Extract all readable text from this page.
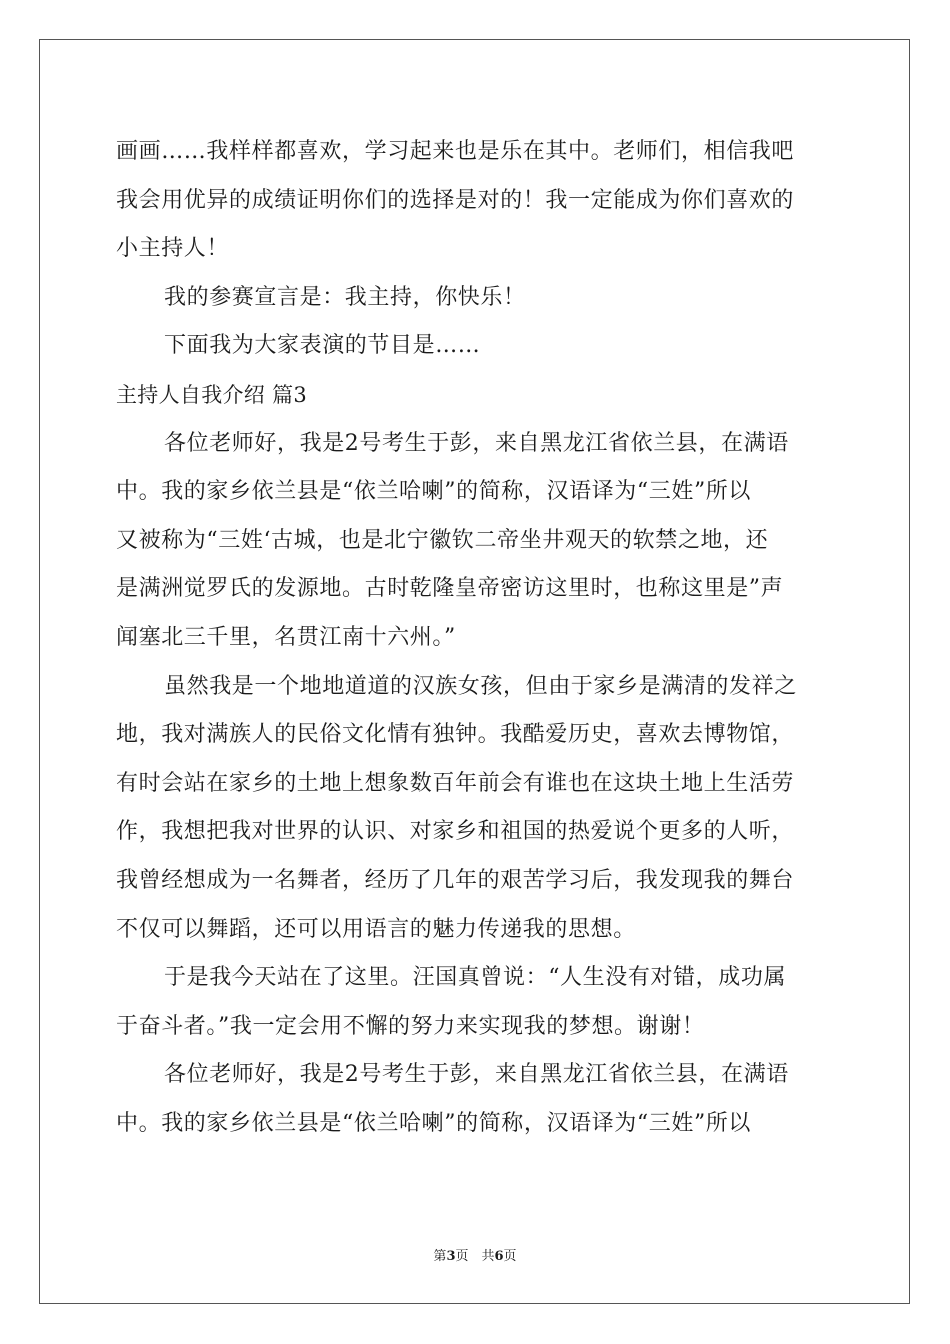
画画……我样样都喜欢，学习起来也是乐在其中。老师们，相信我吧
我会用优异的成绩证明你们的选择是对的！我一定能成为你们喜欢的
小主持人！
我的参赛宣言是：我主持，你快乐！
下面我为大家表演的节目是……
主持人自我介绍 篇3
各位老师好，我是2号考生于彭，来自黑龙江省依兰县，在满语
中。我的家乡依兰县是“依兰哈喇”的简称，汉语译为“三姓”所以
又被称为“三姓‘古城，也是北宁徽钦二帝坐井观天的软禁之地，还
是满洲觉罗氏的发源地。古时乾隆皇帝密访这里时，也称这里是”声
闻塞北三千里，名贯江南十六州。”
虽然我是一个地地道道的汉族女孩，但由于家乡是满清的发祥之
地，我对满族人的民俗文化情有独钟。我酷爱历史，喜欢去博物馆，
有时会站在家乡的土地上想象数百年前会有谁也在这块土地上生活劳
作，我想把我对世界的认识、对家乡和祖国的热爱说个更多的人听，
我曾经想成为一名舞者，经历了几年的艰苦学习后，我发现我的舞台
不仅可以舞蹈，还可以用语言的魅力传递我的思想。
于是我今天站在了这里。汪国真曾说：“人生没有对错，成功属
于奋斗者。”我一定会用不懈的努力来实现我的梦想。谢谢！
各位老师好，我是2号考生于彭，来自黑龙江省依兰县，在满语
中。我的家乡依兰县是“依兰哈喇”的简称，汉语译为“三姓”所以
第3页　共6页
